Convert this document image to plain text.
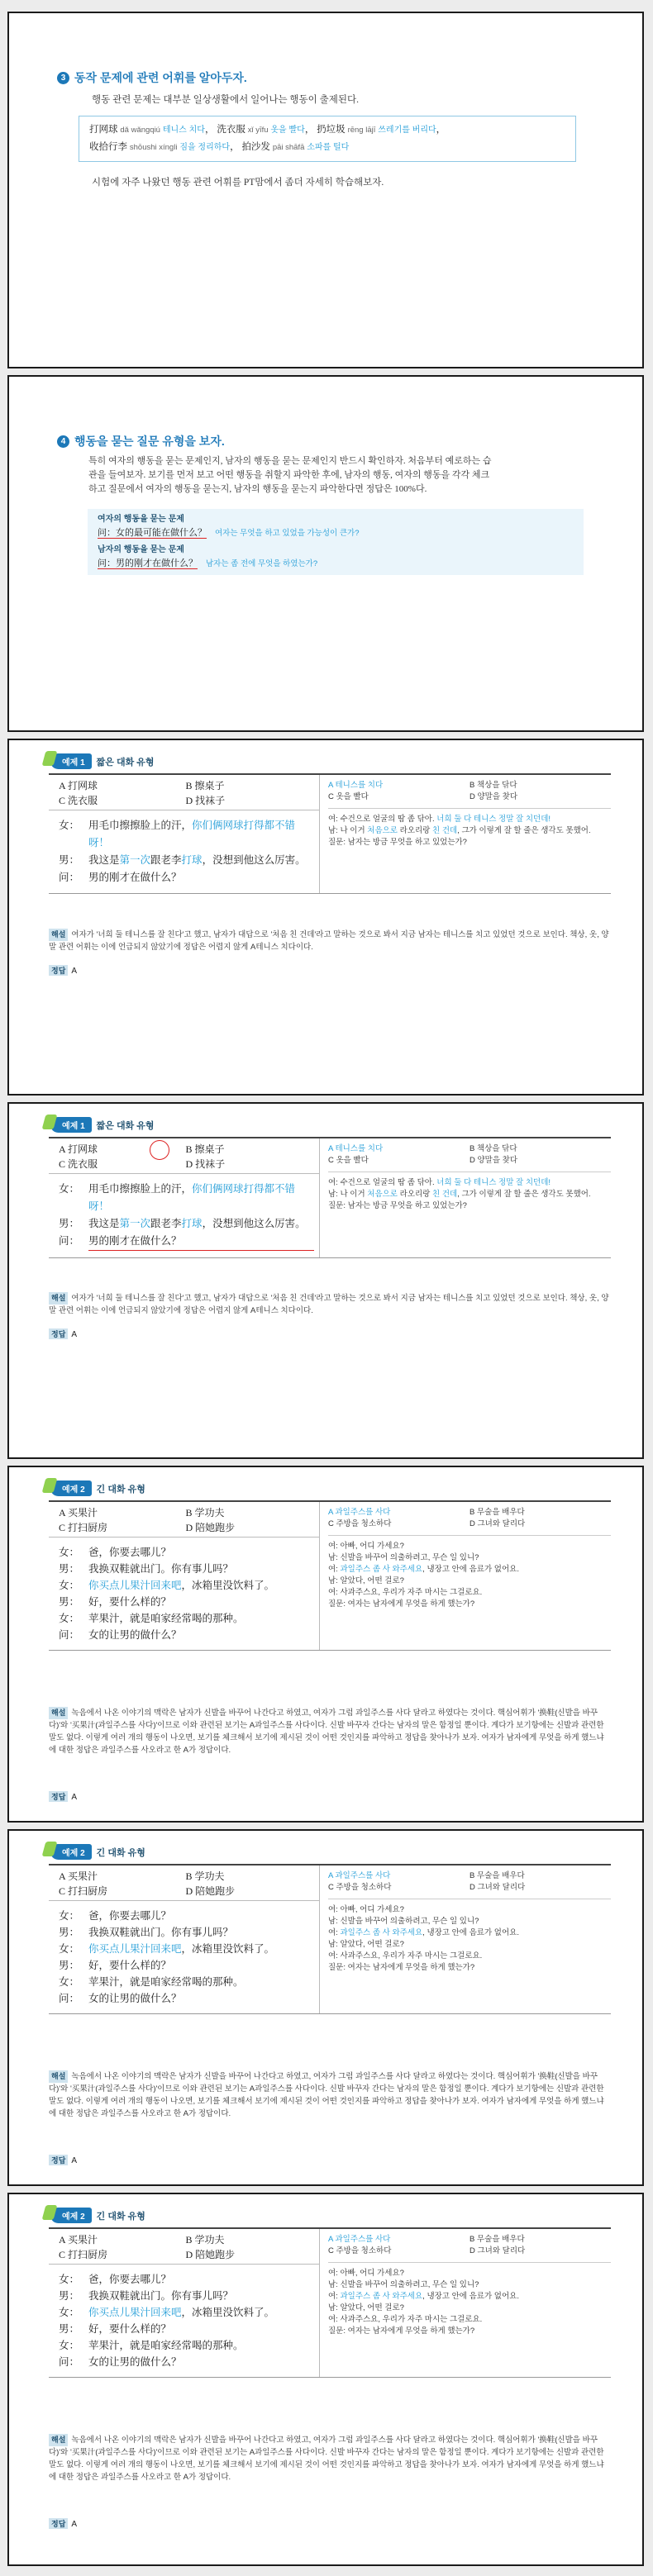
3 동작 문제에 관련 어휘를 알아두자.
행동 관련 문제는 대부분 일상생활에서 일어나는 행동이 출제된다.
打网球 dǎ wǎngqiú 테니스 치다， 洗衣服 xǐ yīfu 옷을 빨다， 扔垃圾 rēng lājī 쓰레기를 버리다，
收拾行李 shōushi xíngli 짐을 정리하다， 拍沙发 pāi shāfā 소파를 털다
시험에 자주 나왔던 행동 관련 어휘를 PT맘에서 좀더 자세히 학습해보자.
4 행동을 묻는 질문 유형을 보자.
특히 여자의 행동을 묻는 문제인지, 남자의 행동을 묻는 문제인지 반드시 확인하자. 처음부터 예로하는 습
관을 들여보자. 보기를 먼저 보고 어떤 행동을 취할지 파악한 후에, 남자의 행동, 여자의 행동을 각각 체크
하고 질문에서 여자의 행동을 묻는지, 남자의 행동을 묻는지 파악한다면 정답은 100%다.
여자의 행동을 묻는 문제
问：女的最可能在做什么？ 여자는 무엇을 하고 있었을 가능성이 큰가?
남자의 행동을 묻는 문제
问：男的刚才在做什么？ 남자는 좀 전에 무엇을 하였는가?
예제 1	짧은 대화 유형
A 打网球	B 擦桌子
C 洗衣服	D 找袜子
女： 用毛巾擦擦脸上的汗，你们俩网球打得都不错呀！
男： 我这是第一次跟老李打球，没想到他这么厉害。
问： 男的刚才在做什么？
A 테니스를 치다	B 책상을 닦다
C 옷을 빨다	D 양말을 찾다
여: 수건으로 얼굴의 땀 좀 닦아. 너희 둘 다 테니스 정말 잘 치던데!
남: 나 이거 처음으로 라오리랑 친 건데, 그가 이렇게 잘 할 줄은 생각도 못했어.
질문: 남자는 방금 무엇을 하고 있었는가?
해설 여자가 '너희 둘 테니스를 잘 친다'고 했고, 남자가 대답으로 '처음 친 건데'라고 말하는 것으로 봐서 지금 남자는 테니스를 치고 있었던 것으로 보인다. 책상, 옷, 양말 관련 어휘는 이에 언급되지 않았기에 정답은 어렵지 않게 A테니스 치다이다.
정답 A
예제 1	짧은 대화 유형
A 打网球	B 擦桌子
C 洗衣服	D 找袜子
女： 用毛巾擦擦脸上的汗，你们俩网球打得都不错呀！
男： 我这是第一次跟老李打球，没想到他这么厉害。
问： 男的刚才在做什么？
A 테니스를 치다	B 책상을 닦다
C 옷을 빨다	D 양말을 찾다
여: 수건으로 얼굴의 땀 좀 닦아. 너희 둘 다 테니스 정말 잘 치던데!
남: 나 이거 처음으로 라오리랑 친 건데, 그가 이렇게 잘 할 줄은 생각도 못했어.
질문: 남자는 방금 무엇을 하고 있었는가?
해설 여자가 '너희 둘 테니스를 잘 친다'고 했고, 남자가 대답으로 '처음 친 건데'라고 말하는 것으로 봐서 지금 남자는 테니스를 치고 있었던 것으로 보인다. 책상, 옷, 양말 관련 어휘는 이에 언급되지 않았기에 정답은 어렵지 않게 A테니스 치다이다.
정답 A
예제 2	긴 대화 유형
A 买果汁	B 学功夫
C 打扫厨房	D 陪她跑步
女： 爸，你要去哪儿？
男： 我换双鞋就出门。你有事儿吗？
女： 你买点儿果汁回来吧，冰箱里没饮料了。
男： 好，要什么样的？
女： 苹果汁，就是咱家经常喝的那种。
问： 女的让男的做什么？
A 과일주스를 사다	B 무술을 배우다
C 주방을 청소하다	D 그녀와 달리다
여: 아빠, 어디 가세요?
남: 신발을 바꾸어 의출하려고, 무슨 일 있니?
여: 과일주스 좀 사 와주세요, 냉장고 안에 음료가 없어요.
남: 알았다, 어떤 걸로?
여: 사과주스요, 우리가 자주 마시는 그걸로요.
질문: 여자는 남자에게 무엇을 하게 했는가?
해설 녹음에서 나온 이야기의 맥락은 남자가 신발을 바꾸어 나간다고 하였고, 여자가 그럼 과일주스를 사다 달라고 하였다는 것이다. 핵심어휘가 '换鞋(신발을 바꾸다)'와 '买果汁(과일주스를 사다)'이므로 이와 관련된 보기는 A과일주스를 사다이다. 신발 바꾸자 간다는 남자의 말은 함정일 뿐이다. 계다가 보기항에는 신발과 관련한 말도 없다. 이렇게 여러 개의 행동이 나오면, 보기를 체크해서 보기에 제시된 것이 어떤 것인지를 파악하고 정답을 찾아나가 보자. 여자가 남자에게 무엇을 하게 했느냐에 대한 정답은 과일주스를 사오라고 한 A가 정답이다.
정답 A
예제 2	긴 대화 유형
A 买果汁	B 学功夫
C 打扫厨房	D 陪她跑步
女： 爸，你要去哪儿？
男： 我换双鞋就出门。你有事儿吗？
女： 你买点儿果汁回来吧，冰箱里没饮料了。
男： 好，要什么样的？
女： 苹果汁，就是咱家经常喝的那种。
问： 女的让男的做什么？
A 과일주스를 사다	B 무술을 배우다
C 주방을 청소하다	D 그녀와 달리다
여: 아빠, 어디 가세요?
남: 신발을 바꾸어 의출하려고, 무슨 일 있니?
여: 과일주스 좀 사 와주세요, 냉장고 안에 음료가 없어요.
남: 알았다, 어떤 걸로?
여: 사과주스요, 우리가 자주 마시는 그걸로요.
질문: 여자는 남자에게 무엇을 하게 했는가?
해설 녹음에서 나온 이야기의 맥락은 남자가 신발을 바꾸어 나간다고 하였고, 여자가 그럼 과일주스를 사다 달라고 하였다는 것이다. 핵심어휘가 '换鞋(신발을 바꾸다)'와 '买果汁(과일주스를 사다)'이므로 이와 관련된 보기는 A과일주스를 사다이다. 신발 바꾸자 간다는 남자의 말은 함정일 뿐이다. 계다가 보기항에는 신발과 관련한 말도 없다. 이렇게 여러 개의 행동이 나오면, 보기를 체크해서 보기에 제시된 것이 어떤 것인지를 파악하고 정답을 찾아나가 보자. 여자가 남자에게 무엇을 하게 했느냐에 대한 정답은 과일주스를 사오라고 한 A가 정답이다.
정답 A
예제 2	긴 대화 유형
A 买果汁	B 学功夫
C 打扫厨房	D 陪她跑步
女： 爸，你要去哪儿？
男： 我换双鞋就出门。你有事儿吗？
女： 你买点儿果汁回来吧，冰箱里没饮料了。
男： 好，要什么样的？
女： 苹果汁，就是咱家经常喝的那种。
问： 女的让男的做什么？
A 과일주스를 사다	B 무술을 배우다
C 주방을 청소하다	D 그녀와 달리다
여: 아빠, 어디 가세요?
남: 신발을 바꾸어 의출하려고, 무슨 일 있니?
여: 과일주스 좀 사 와주세요, 냉장고 안에 음료가 없어요.
남: 알았다, 어떤 걸로?
여: 사과주스요, 우리가 자주 마시는 그걸로요.
질문: 여자는 남자에게 무엇을 하게 했는가?
해설 녹음에서 나온 이야기의 맥락은 남자가 신발을 바꾸어 나간다고 하였고, 여자가 그럼 과일주스를 사다 달라고 하였다는 것이다. 핵심어휘가 '换鞋(신발을 바꾸다)'와 '买果汁(과일주스를 사다)'이므로 이와 관련된 보기는 A과일주스를 사다이다. 신발 바꾸자 간다는 남자의 말은 함정일 뿐이다. 계다가 보기항에는 신발과 관련한 말도 없다. 이렇게 여러 개의 행동이 나오면, 보기를 체크해서 보기에 제시된 것이 어떤 것인지를 파악하고 정답을 찾아나가 보자. 여자가 남자에게 무엇을 하게 했느냐에 대한 정답은 과일주스를 사오라고 한 A가 정답이다.
정답 A
